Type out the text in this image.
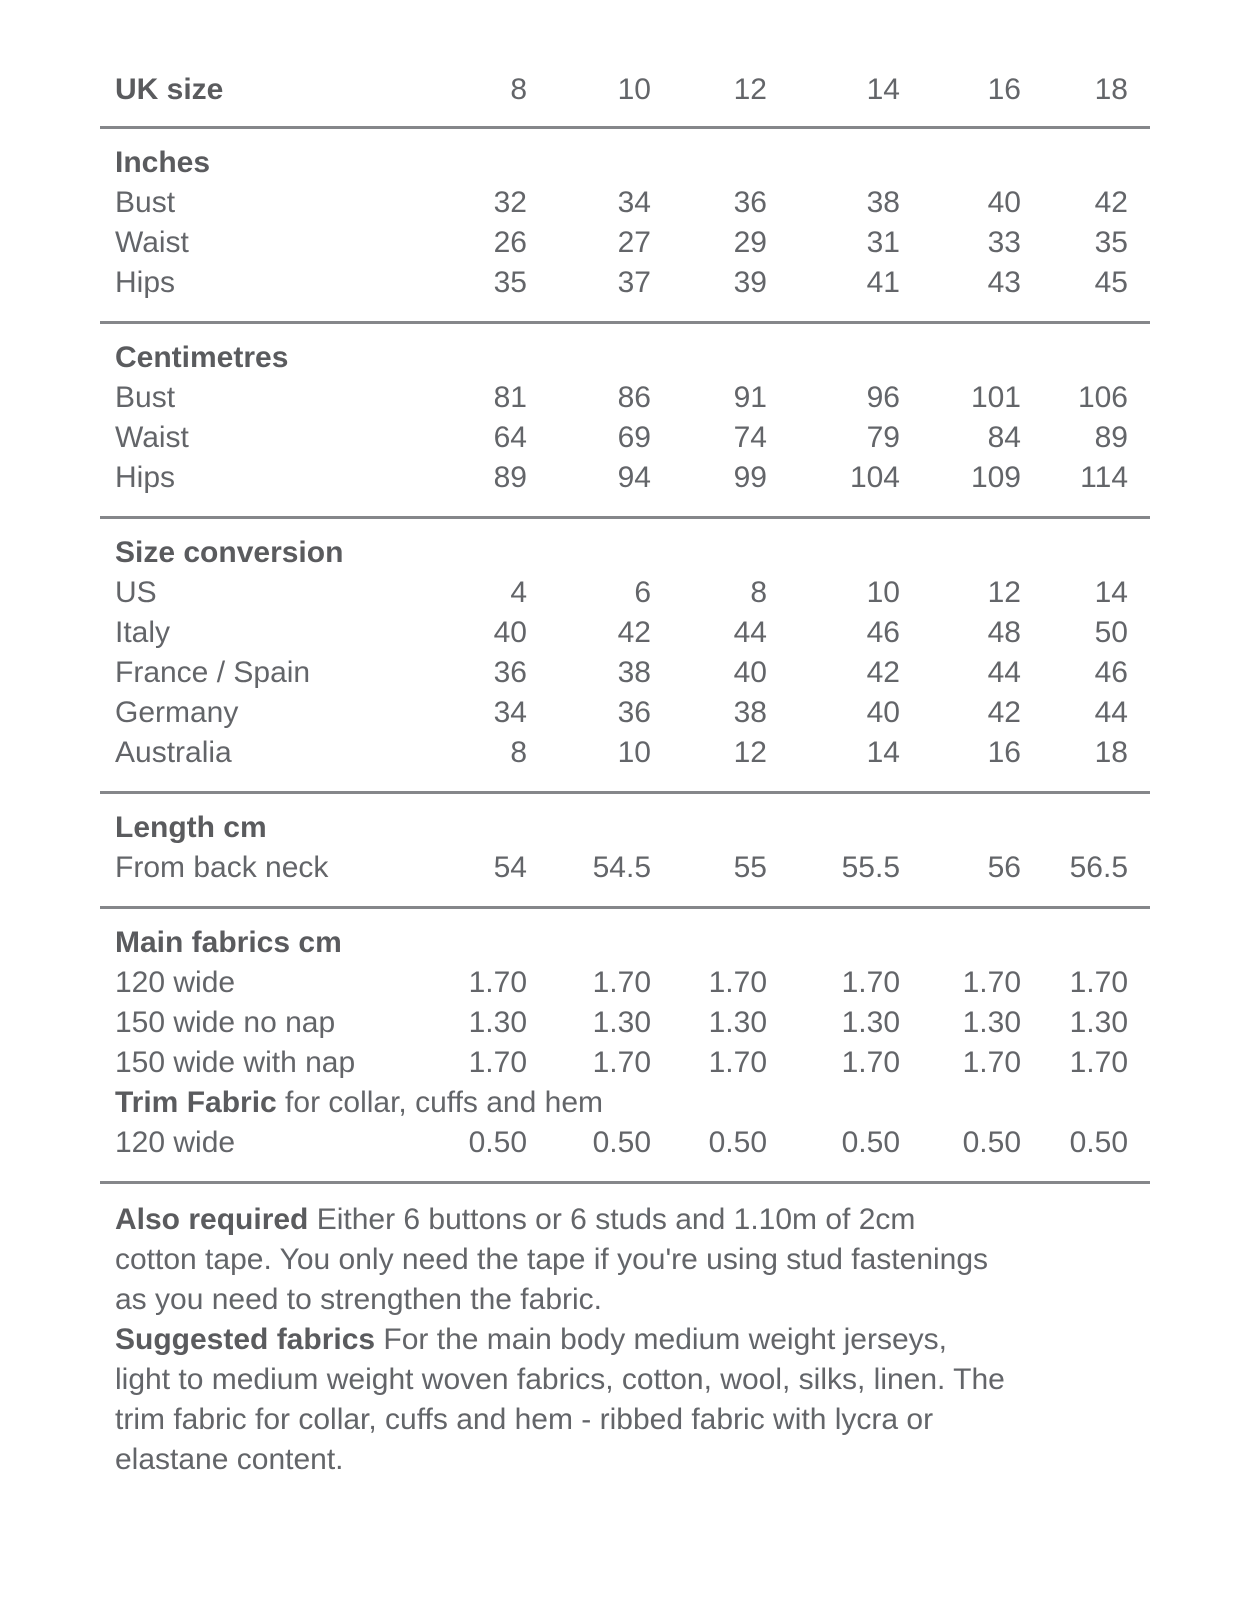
UK size	8	10	12	14	16	18
Inches						
Bust	32	34	36	38	40	42
Waist	26	27	29	31	33	35
Hips	35	37	39	41	43	45
Centimetres						
Bust	81	86	91	96	101	106
Waist	64	69	74	79	84	89
Hips	89	94	99	104	109	114
Size conversion						
US	4	6	8	10	12	14
Italy	40	42	44	46	48	50
France / Spain	36	38	40	42	44	46
Germany	34	36	38	40	42	44
Australia	8	10	12	14	16	18
Length cm						
From back neck	54	54.5	55	55.5	56	56.5
Main fabrics cm						
120 wide	1.70	1.70	1.70	1.70	1.70	1.70
150 wide no nap	1.30	1.30	1.30	1.30	1.30	1.30
150 wide with nap	1.70	1.70	1.70	1.70	1.70	1.70
Trim Fabric for collar, cuffs and hem						
120 wide	0.50	0.50	0.50	0.50	0.50	0.50

Also required Either 6 buttons or 6 studs and 1.10m of 2cm cotton tape. You only need the tape if you're using stud fastenings as you need to strengthen the fabric.

Suggested fabrics For the main body medium weight jerseys, light to medium weight woven fabrics, cotton, wool, silks, linen. The trim fabric for collar, cuffs and hem - ribbed fabric with lycra or elastane content.
